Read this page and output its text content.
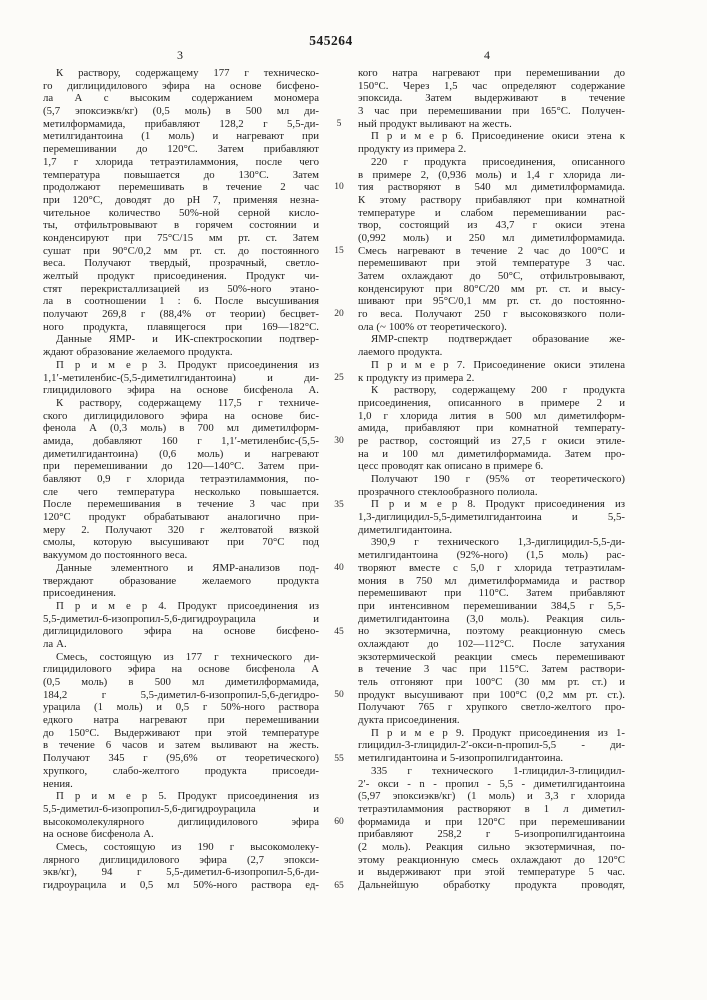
545264
3	4
К раствору, содержащему 177 г техническо-
го диглицидилового эфира на основе бисфено-
ла А с высоким содержанием мономера
(5,7 эпоксиэкв/кг) (0,5 моль) в 500 мл ди-
метилформамида, прибавляют 128,2 г 5,5-ди-
метилгидантоина (1 моль) и нагревают при
перемешивании до 120°С. Затем прибавляют
1,7 г хлорида тетраэтиламмония, после чего
температура повышается до 130°С. Затем
продолжают перемешивать в течение 2 час
при 120°С, доводят до pH 7, применяя незна-
чительное количество 50%-ной серной кисло-
ты, отфильтровывают в горячем состоянии и
конденсируют при 75°С/15 мм рт. ст. Затем
сушат при 90°С/0,2 мм рт. ст. до постоянного
веса. Получают твердый, прозрачный, светло-
желтый продукт присоединения. Продукт чи-
стят перекристаллизацией из 50%-ного этано-
ла в соотношении 1 : 6. После высушивания
получают 269,8 г (88,4% от теории) бесцвет-
ного продукта, плавящегося при 169—182°С.
Данные ЯМР- и ИК-спектроскопии подтвер-
ждают образование желаемого продукта.
П р и м е р 3. Продукт присоединения из
1,1′-метиленбис-(5,5-диметилгидантоина) и ди-
глицидилового эфира на основе бисфенола А.
К раствору, содержащему 117,5 г техниче-
ского диглицидилового эфира на основе бис-
фенола А (0,3 моль) в 700 мл диметилформ-
амида, добавляют 160 г 1,1′-метиленбис-(5,5-
диметилгидантоина) (0,6 моль) и нагревают
при перемешивании до 120—140°С. Затем при-
бавляют 0,9 г хлорида тетраэтиламмония, по-
сле чего температура несколько повышается.
После перемешивания в течение 3 час при
120°С продукт обрабатывают аналогично при-
меру 2. Получают 320 г желтоватой вязкой
смолы, которую высушивают при 70°С под
вакуумом до постоянного веса.
Данные элементного и ЯМР-анализов под-
тверждают образование желаемого продукта
присоединения.
П р и м е р 4. Продукт присоединения из
5,5-диметил-6-изопропил-5,6-дигидроурацила и
диглицидилового эфира на основе бисфено-
ла А.
Смесь, состоящую из 177 г технического ди-
глицидилового эфира на основе бисфенола А
(0,5 моль) в 500 мл диметилформамида,
184,2 г 5,5-диметил-6-изопропил-5,6-дегидро-
урацила (1 моль) и 0,5 г 50%-ного раствора
едкого натра нагревают при перемешивании
до 150°С. Выдерживают при этой температуре
в течение 6 часов и затем выливают на жесть.
Получают 345 г (95,6% от теоретического)
хрупкого, слабо-желтого продукта присоеди-
нения.
П р и м е р 5. Продукт присоединения из
5,5-диметил-6-изопропил-5,6-дигидроурацила и
высокомолекулярного диглицидилового эфира
на основе бисфенола А.
Смесь, состоящую из 190 г высокомолеку-
лярного диглицидилового эфира (2,7 эпокси-
экв/кг), 94 г 5,5-диметил-6-изопропил-5,6-ди-
гидроурацила и 0,5 мл 50%-ного раствора ед-
кого натра нагревают при перемешивании до
150°С. Через 1,5 час определяют содержание
эпоксида. Затем выдерживают в течение
3 час при перемешивании при 165°С. Получен-
ный продукт выливают на жесть.
П р и м е р 6. Присоединение окиси этена к
продукту из примера 2.
220 г продукта присоединения, описанного
в примере 2, (0,936 моль) и 1,4 г хлорида ли-
тия растворяют в 540 мл диметилформамида.
К этому раствору прибавляют при комнатной
температуре и слабом перемешивании рас-
твор, состоящий из 43,7 г окиси этена
(0,992 моль) и 250 мл диметилформамида.
Смесь нагревают в течение 2 час до 100°С и
перемешивают при этой температуре 3 час.
Затем охлаждают до 50°С, отфильтровывают,
конденсируют при 80°С/20 мм рт. ст. и высу-
шивают при 95°С/0,1 мм рт. ст. до постоянно-
го веса. Получают 250 г высоковязкого поли-
ола (~ 100% от теоретического).
ЯМР-спектр подтверждает образование же-
лаемого продукта.
П р и м е р 7. Присоединение окиси этилена
к продукту из примера 2.
К раствору, содержащему 200 г продукта
присоединения, описанного в примере 2 и
1,0 г хлорида лития в 500 мл диметилформ-
амида, прибавляют при комнатной температу-
ре раствор, состоящий из 27,5 г окиси этиле-
на и 100 мл диметилформамида. Затем про-
цесс проводят как описано в примере 6.
Получают 190 г (95% от теоретического)
прозрачного стеклообразного полиола.
П р и м е р 8. Продукт присоединения из
1,3-диглицидил-5,5-диметилгидантоина и 5,5-
диметилгидантоина.
390,9 г технического 1,3-диглицидил-5,5-ди-
метилгидантоина (92%-ного) (1,5 моль) рас-
творяют вместе с 5,0 г хлорида тетраэтилам-
мония в 750 мл диметилформамида и раствор
перемешивают при 110°С. Затем прибавляют
при интенсивном перемешивании 384,5 г 5,5-
диметилгидантоина (3,0 моль). Реакция силь-
но экзотермична, поэтому реакционную смесь
охлаждают до 102—112°С. После затухания
экзотермической реакции смесь перемешивают
в течение 3 час при 115°С. Затем раствори-
тель отгоняют при 100°С (30 мм рт. ст.) и
продукт высушивают при 100°С (0,2 мм рт. ст.).
Получают 765 г хрупкого светло-желтого про-
дукта присоединения.
П р и м е р 9. Продукт присоединения из 1-
глицидил-3-глицидил-2′-окси-n-пропил-5,5 - ди-
метилгидантоина и 5-изопропилгидантоина.
335 г технического 1-глицидил-3-глицидил-
2′- окси - n - пропил - 5,5 - диметилгидантоина
(5,97 эпоксиэкв/кг) (1 моль) и 3,3 г хлорида
тетраэтиламмония растворяют в 1 л диметил-
формамида и при 120°С при перемешивании
прибавляют 258,2 г 5-изопропилгидантоина
(2 моль). Реакция сильно экзотермичная, по-
этому реакционную смесь охлаждают до 120°С
и выдерживают при этой температуре 5 час.
Дальнейшую обработку продукта проводят,
5
10
15
20
25
30
35
40
45
50
55
60
65
